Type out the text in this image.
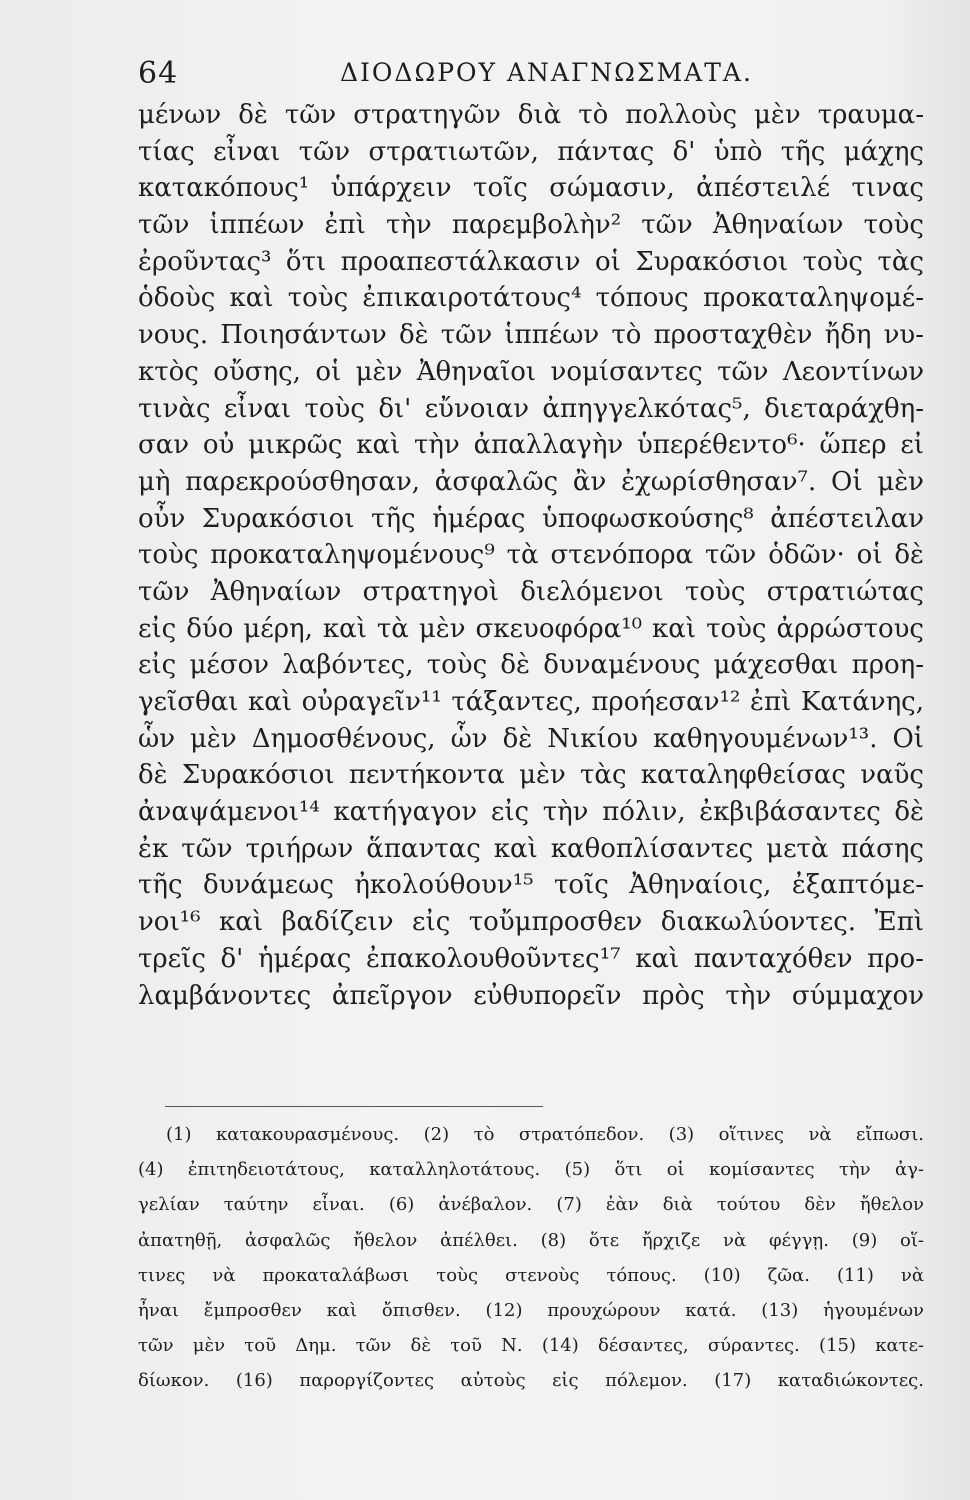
64	ΔΙΟΔΩΡΟΥ ΑΝΑΓΝΩΣΜΑΤΑ.
μένων δὲ τῶν στρατηγῶν διὰ τὸ πολλοὺς μὲν τραυμα-
τίας εἶναι τῶν στρατιωτῶν, πάντας δ' ὑπὸ τῆς μάχης
κατακόπους¹ ὑπάρχειν τοῖς σώμασιν, ἀπέστειλέ τινας
τῶν ἱππέων ἐπὶ τὴν παρεμβολὴν² τῶν Ἀθηναίων τοὺς
ἐροῦντας³ ὅτι προαπεστάλκασιν οἱ Συρακόσιοι τοὺς τὰς
ὁδοὺς καὶ τοὺς ἐπικαιροτάτους⁴ τόπους προκαταληψομέ-
νους. Ποιησάντων δὲ τῶν ἱππέων τὸ προσταχθὲν ἤδη νυ-
κτὸς οὔσης, οἱ μὲν Ἀθηναῖοι νομίσαντες τῶν Λεοντίνων
τινὰς εἶναι τοὺς δι' εὔνοιαν ἀπηγγελκότας⁵, διεταράχθη-
σαν οὐ μικρῶς καὶ τὴν ἀπαλλαγὴν ὑπερέθεντο⁶· ὥπερ εἰ
μὴ παρεκρούσθησαν, ἀσφαλῶς ἂν ἐχωρίσθησαν⁷. Οἱ μὲν
οὖν Συρακόσιοι τῆς ἡμέρας ὑποφωσκούσης⁸ ἀπέστειλαν
τοὺς προκαταληψομένους⁹ τὰ στενόπορα τῶν ὁδῶν· οἱ δὲ
τῶν Ἀθηναίων στρατηγοὶ διελόμενοι τοὺς στρατιώτας
εἰς δύο μέρη, καὶ τὰ μὲν σκευοφόρα¹⁰ καὶ τοὺς ἀρρώστους
εἰς μέσον λαβόντες, τοὺς δὲ δυναμένους μάχεσθαι προη-
γεῖσθαι καὶ οὐραγεῖν¹¹ τάξαντες, προήεσαν¹² ἐπὶ Κατάνης,
ὧν μὲν Δημοσθένους, ὧν δὲ Νικίου καθηγουμένων¹³. Οἱ
δὲ Συρακόσιοι πεντήκοντα μὲν τὰς καταληφθείσας ναῦς
ἀναψάμενοι¹⁴ κατήγαγον εἰς τὴν πόλιν, ἐκβιβάσαντες δὲ
ἐκ τῶν τριήρων ἅπαντας καὶ καθοπλίσαντες μετὰ πάσης
τῆς δυνάμεως ἠκολούθουν¹⁵ τοῖς Ἀθηναίοις, ἐξαπτόμε-
νοι¹⁶ καὶ βαδίζειν εἰς τοὔμπροσθεν διακωλύοντες. Ἐπὶ
τρεῖς δ' ἡμέρας ἐπακολουθοῦντες¹⁷ καὶ πανταχόθεν προ-
λαμβάνοντες ἀπεῖργον εὐθυπορεῖν πρὸς τὴν σύμμαχον
(1) κατακουρασμένους. (2) τὸ στρατόπεδον. (3) οἵτινες νὰ εἴπωσι.
(4) ἐπιτηδειοτάτους, καταλληλοτάτους. (5) ὅτι οἱ κομίσαντες τὴν ἀγ-
γελίαν ταύτην εἶναι. (6) ἀνέβαλον. (7) ἐὰν διὰ τούτου δὲν ἤθελον
ἀπατηθῇ, ἀσφαλῶς ἤθελον ἀπέλθει. (8) ὅτε ἤρχιζε νὰ φέγγῃ. (9) οἵ-
τινες νὰ προκαταλάβωσι τοὺς στενοὺς τόπους. (10) ζῶα. (11) νὰ
ἦναι ἔμπροσθεν καὶ ὄπισθεν. (12) προυχώρουν κατά. (13) ἡγουμένων
τῶν μὲν τοῦ Δημ. τῶν δὲ τοῦ Ν. (14) δέσαντες, σύραντες. (15) κατε-
δίωκον. (16) παροργίζοντες αὐτοὺς εἰς πόλεμον. (17) καταδιώκοντες.
